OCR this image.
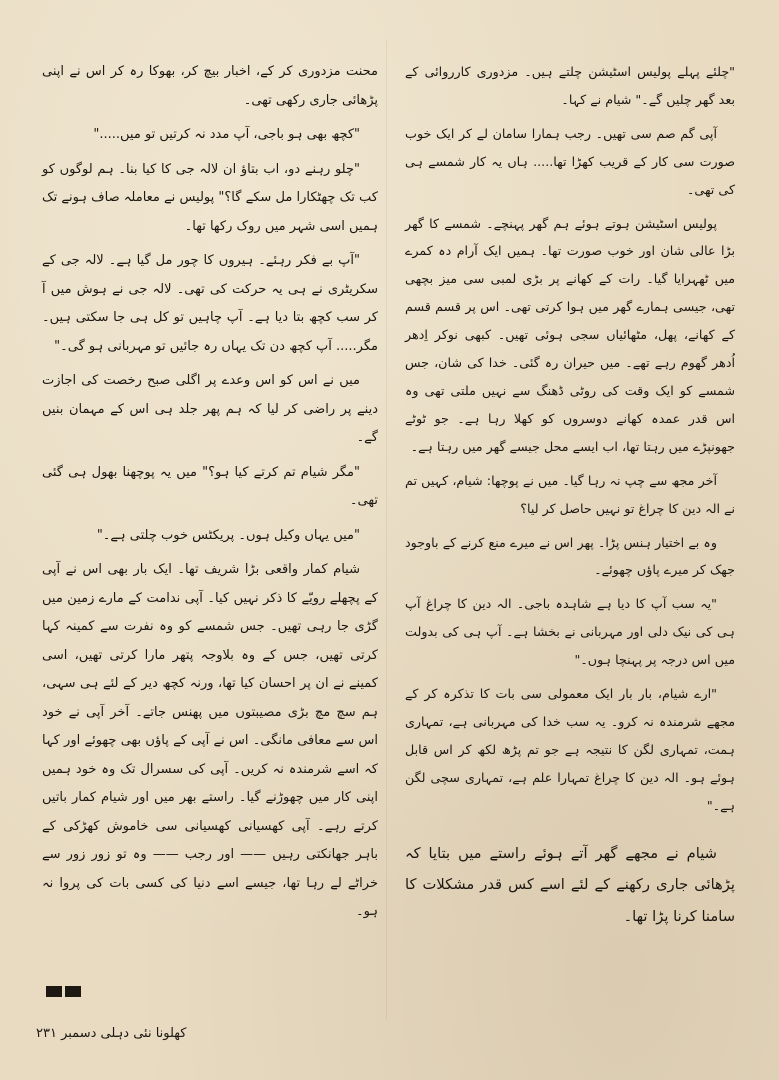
"چلئے پہلے پولیس اسٹیشن چلتے ہیں۔ مزدوری کارروائی کے بعد گھر چلیں گے۔" شیام نے کہا۔

آپی گم صم سی تھیں۔ رجب ہمارا سامان لے کر ایک خوب صورت سی کار کے قریب کھڑا تھا..... ہاں یہ کار شمسے ہی کی تھی۔

پولیس اسٹیشن ہوتے ہوئے ہم گھر پہنچے۔ شمسے کا گھر بڑا عالی شان اور خوب صورت تھا۔ ہمیں ایک آرام دہ کمرے میں ٹھہرایا گیا۔ رات کے کھانے پر بڑی لمبی سی میز بچھی تھی، جیسی ہمارے گھر میں ہوا کرتی تھی۔ اس پر قسم قسم کے کھانے، پھل، مٹھائیاں سجی ہوئی تھیں۔ کبھی نوکر اِدھر اُدھر گھوم رہے تھے۔ میں حیران رہ گئی۔ خدا کی شان، جس شمسے کو ایک وقت کی روٹی ڈھنگ سے نہیں ملتی تھی وہ اس قدر عمدہ کھانے دوسروں کو کھلا رہا ہے۔ جو ٹوٹے جھونپڑے میں رہتا تھا، اب ایسے محل جیسے گھر میں رہتا ہے۔

آخر مجھ سے چپ نہ رہا گیا۔ میں نے پوچھا: شیام، کہیں تم نے الہ دین کا چراغ تو نہیں حاصل کر لیا؟

وہ بے اختیار ہنس پڑا۔ پھر اس نے میرے منع کرنے کے باوجود جھک کر میرے پاؤں چھوئے۔

"یہ سب آپ کا دیا ہے شاہدہ باجی۔ الہ دین کا چراغ آپ ہی کی نیک دلی اور مہربانی نے بخشا ہے۔ آپ ہی کی بدولت میں اس درجہ پر پہنچا ہوں۔"

"ارے شیام، بار بار ایک معمولی سی بات کا تذکرہ کر کے مجھے شرمندہ نہ کرو۔ یہ سب خدا کی مہربانی ہے، تمہاری ہمت، تمہاری لگن کا نتیجہ ہے جو تم پڑھ لکھ کر اس قابل ہوئے ہو۔ الہ دین کا چراغ تمہارا علم ہے، تمہاری سچی لگن ہے۔"

شیام نے مجھے گھر آتے ہوئے راستے میں بتایا کہ پڑھائی جاری رکھنے کے لئے اسے کس قدر مشکلات کا سامنا کرنا پڑا تھا۔

محنت مزدوری کر کے، اخبار بیچ کر، بھوکا رہ کر اس نے اپنی پڑھائی جاری رکھی تھی۔

"کچھ بھی ہو باجی، آپ مدد نہ کرتیں تو میں....."

"چلو رہنے دو، اب بتاؤ ان لالہ جی کا کیا بنا۔ ہم لوگوں کو کب تک چھٹکارا مل سکے گا؟" پولیس نے معاملہ صاف ہونے تک ہمیں اسی شہر میں روک رکھا تھا۔

"آپ بے فکر رہئے۔ ہیروں کا چور مل گیا ہے۔ لالہ جی کے سکریٹری نے ہی یہ حرکت کی تھی۔ لالہ جی نے ہوش میں آ کر سب کچھ بتا دیا ہے۔ آپ چاہیں تو کل ہی جا سکتی ہیں۔ مگر..... آپ کچھ دن تک یہاں رہ جائیں تو مہربانی ہو گی۔"

میں نے اس کو اس وعدے پر اگلی صبح رخصت کی اجازت دینے پر راضی کر لیا کہ ہم پھر جلد ہی اس کے مہمان بنیں گے۔

"مگر شیام تم کرتے کیا ہو؟" میں یہ پوچھنا بھول ہی گئی تھی۔

"میں یہاں وکیل ہوں۔ پریکٹس خوب چلتی ہے۔"

شیام کمار واقعی بڑا شریف تھا۔ ایک بار بھی اس نے آپی کے پچھلے رویّے کا ذکر نہیں کیا۔ آپی ندامت کے مارے زمین میں گڑی جا رہی تھیں۔ جس شمسے کو وہ نفرت سے کمینہ کہا کرتی تھیں، جس کے وہ بلاوجہ پتھر مارا کرتی تھیں، اسی کمینے نے ان پر احسان کیا تھا، ورنہ کچھ دیر کے لئے ہی سہی، ہم سچ مچ بڑی مصیبتوں میں پھنس جاتے۔ آخر آپی نے خود اس سے معافی مانگی۔ اس نے آپی کے پاؤں بھی چھوئے اور کہا کہ اسے شرمندہ نہ کریں۔ آپی کی سسرال تک وہ خود ہمیں اپنی کار میں چھوڑنے گیا۔ راستے بھر میں اور شیام کمار باتیں کرتے رہے۔ آپی کھسیانی کھسیانی سی خاموش کھڑکی کے باہر جھانکتی رہیں —— اور رجب —— وہ تو زور زور سے خراٹے لے رہا تھا، جیسے اسے دنیا کی کسی بات کی پروا نہ ہو۔

کھلونا نئی دہلی دسمبر ۲۳۱
